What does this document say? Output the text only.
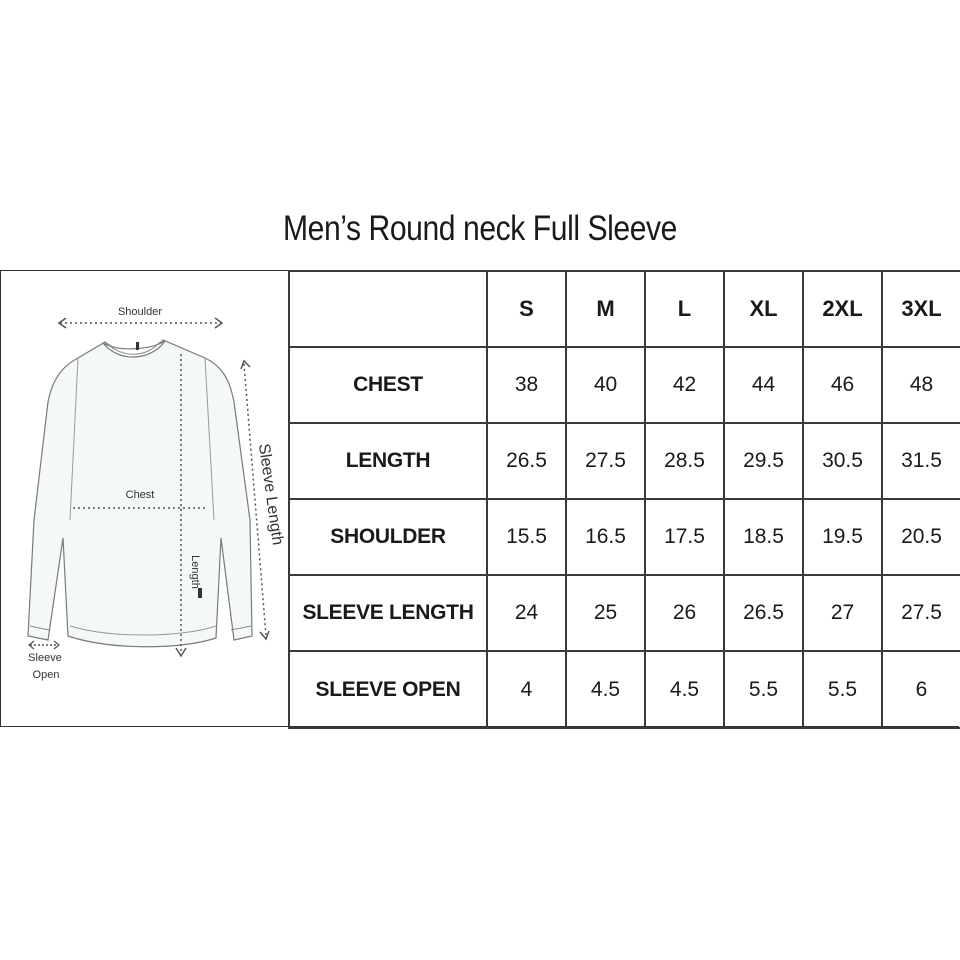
Men’s Round neck Full Sleeve
Shoulder
Chest
Length
Sleeve Length
Sleeve
Open
	S	M	L	XL	2XL	3XL
CHEST	38	40	42	44	46	48
LENGTH	26.5	27.5	28.5	29.5	30.5	31.5
SHOULDER	15.5	16.5	17.5	18.5	19.5	20.5
SLEEVE LENGTH	24	25	26	26.5	27	27.5
SLEEVE OPEN	4	4.5	4.5	5.5	5.5	6
